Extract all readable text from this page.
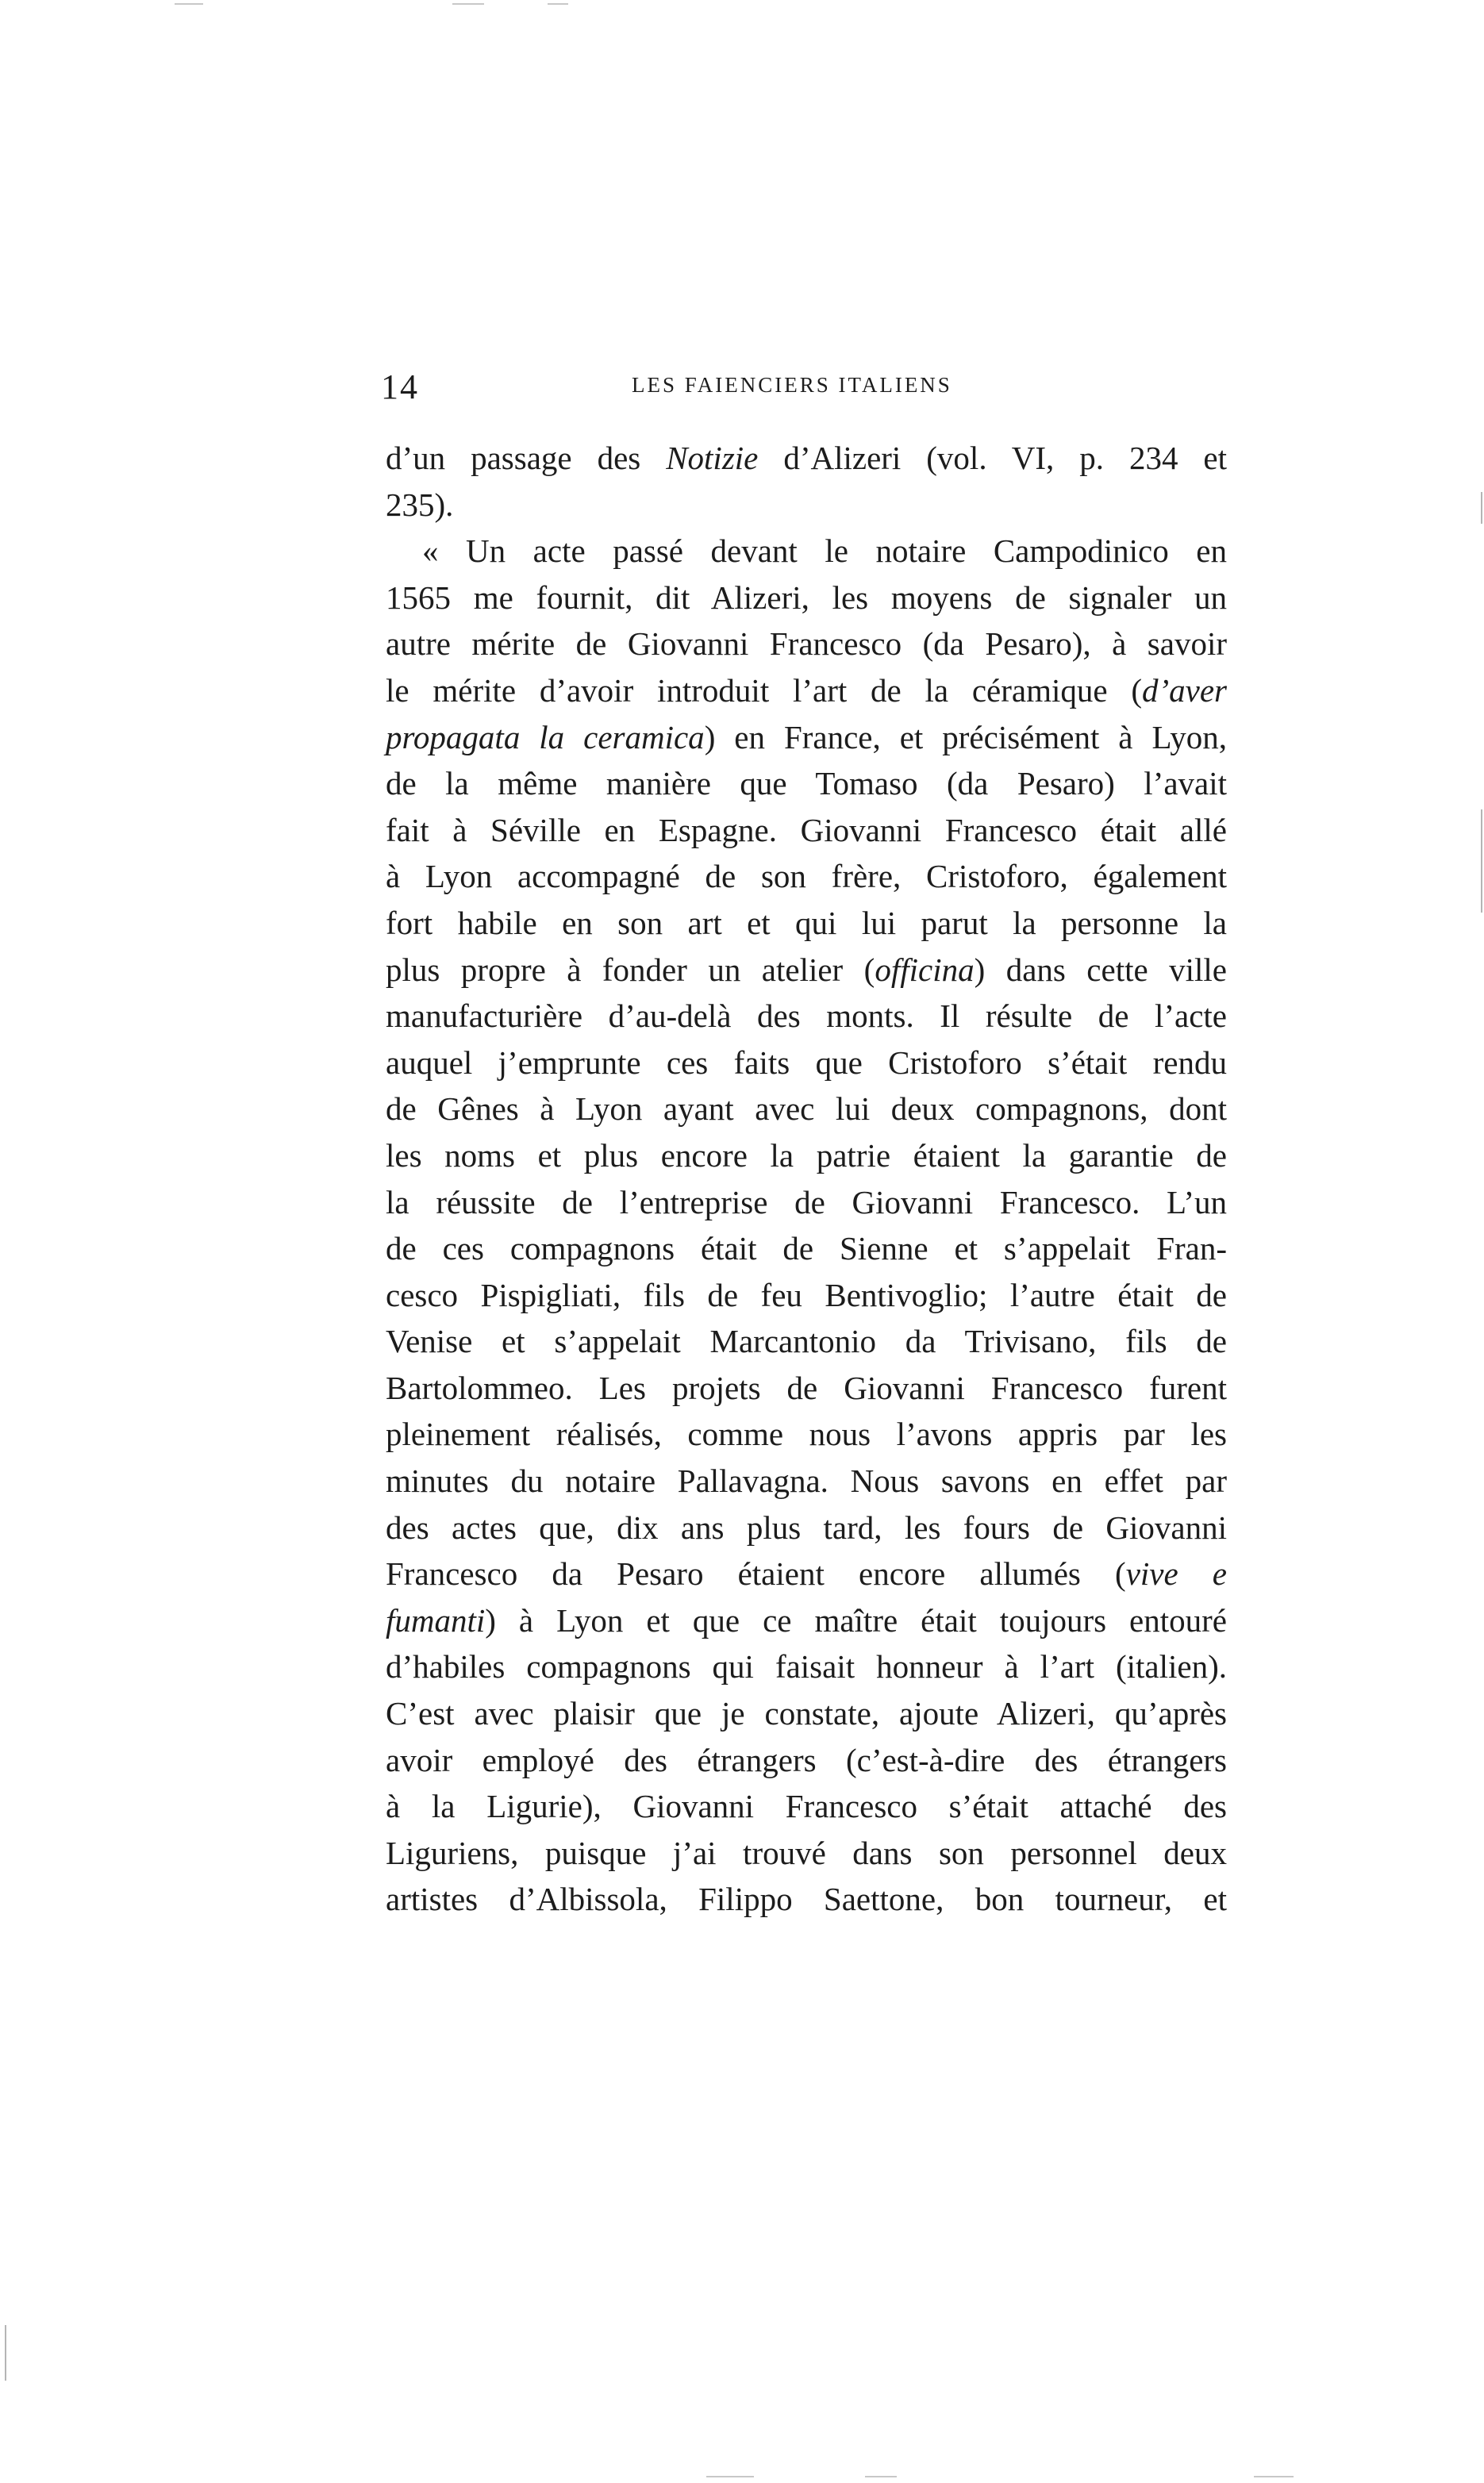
14	LES FAIENCIERS ITALIENS
d’un passage des Notizie d’Alizeri (vol. VI, p. 234 et
235).
« Un acte passé devant le notaire Campodinico en
1565 me fournit, dit Alizeri, les moyens de signaler un
autre mérite de Giovanni Francesco (da Pesaro), à savoir
le mérite d’avoir introduit l’art de la céramique (d’aver
propagata la ceramica) en France, et précisément à Lyon,
de la même manière que Tomaso (da Pesaro) l’avait
fait à Séville en Espagne. Giovanni Francesco était allé
à Lyon accompagné de son frère, Cristoforo, également
fort habile en son art et qui lui parut la personne la
plus propre à fonder un atelier (officina) dans cette ville
manufacturière d’au-delà des monts. Il résulte de l’acte
auquel j’emprunte ces faits que Cristoforo s’était rendu
de Gênes à Lyon ayant avec lui deux compagnons, dont
les noms et plus encore la patrie étaient la garantie de
la réussite de l’entreprise de Giovanni Francesco. L’un
de ces compagnons était de Sienne et s’appelait Fran-
cesco Pispigliati, fils de feu Bentivoglio; l’autre était de
Venise et s’appelait Marcantonio da Trivisano, fils de
Bartolommeo. Les projets de Giovanni Francesco furent
pleinement réalisés, comme nous l’avons appris par les
minutes du notaire Pallavagna. Nous savons en effet par
des actes que, dix ans plus tard, les fours de Giovanni
Francesco da Pesaro étaient encore allumés (vive e
fumanti) à Lyon et que ce maître était toujours entouré
d’habiles compagnons qui faisait honneur à l’art (italien).
C’est avec plaisir que je constate, ajoute Alizeri, qu’après
avoir employé des étrangers (c’est-à-dire des étrangers
à la Ligurie), Giovanni Francesco s’était attaché des
Liguriens, puisque j’ai trouvé dans son personnel deux
artistes d’Albissola, Filippo Saettone, bon tourneur, et
